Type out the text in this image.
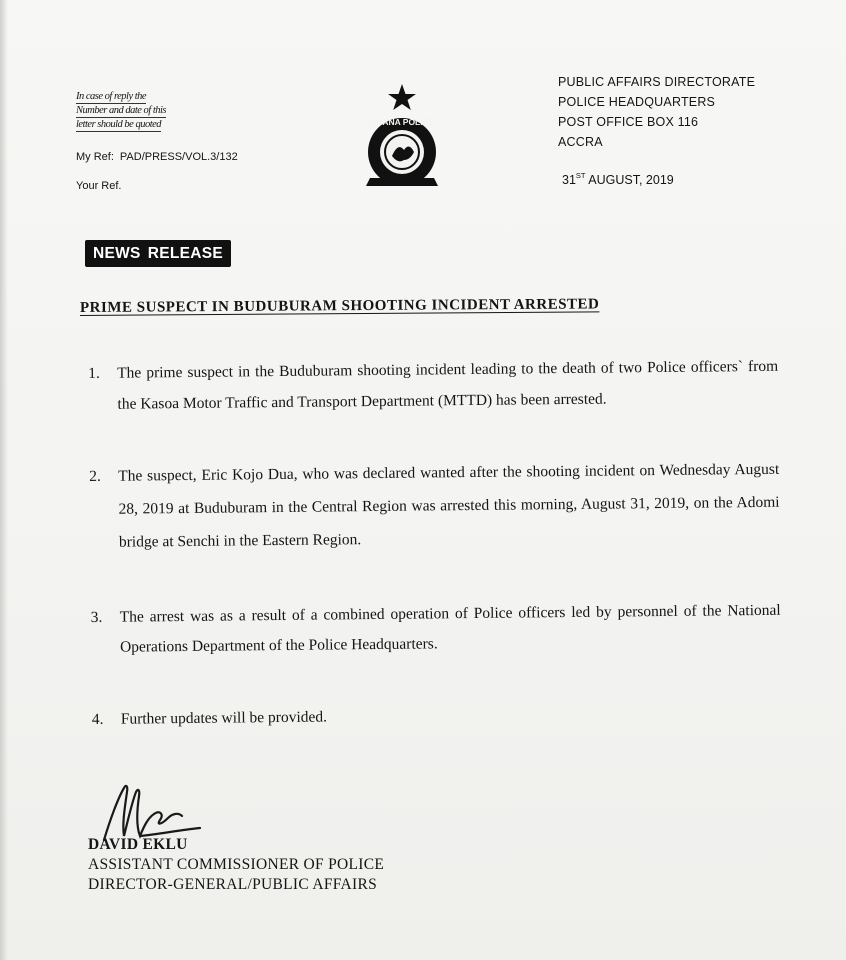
In case of reply the
Number and date of this
letter should be quoted
My Ref: PAD/PRESS/VOL.3/132
Your Ref.
GHANA POLICE
PUBLIC AFFAIRS DIRECTORATE
POLICE HEADQUARTERS
POST OFFICE BOX 116
ACCRA
31ST AUGUST, 2019
NEWS RELEASE
PRIME SUSPECT IN BUDUBURAM SHOOTING INCIDENT ARRESTED
1. The prime suspect in the Buduburam shooting incident leading to the death of two Police officers` from the Kasoa Motor Traffic and Transport Department (MTTD) has been arrested.
2. The suspect, Eric Kojo Dua, who was declared wanted after the shooting incident on Wednesday August 28, 2019 at Buduburam in the Central Region was arrested this morning, August 31, 2019, on the Adomi bridge at Senchi in the Eastern Region.
3. The arrest was as a result of a combined operation of Police officers led by personnel of the National Operations Department of the Police Headquarters.
4. Further updates will be provided.
DAVID EKLU
ASSISTANT COMMISSIONER OF POLICE
DIRECTOR-GENERAL/PUBLIC AFFAIRS
